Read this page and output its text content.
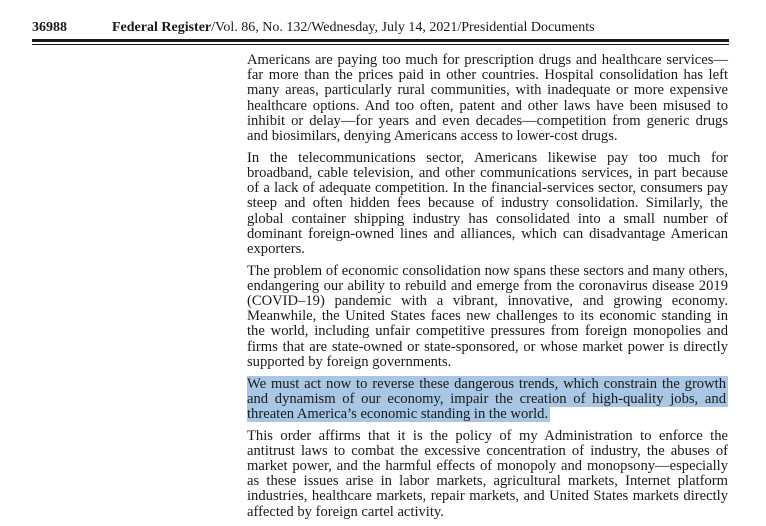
36988	Federal Register/Vol. 86, No. 132/Wednesday, July 14, 2021/Presidential Documents

Americans are paying too much for prescription drugs and healthcare services—far more than the prices paid in other countries. Hospital consolidation has left many areas, particularly rural communities, with inadequate or more expensive healthcare options. And too often, patent and other laws have been misused to inhibit or delay—for years and even decades—competition from generic drugs and biosimilars, denying Americans access to lower-cost drugs.

In the telecommunications sector, Americans likewise pay too much for broadband, cable television, and other communications services, in part because of a lack of adequate competition. In the financial-services sector, consumers pay steep and often hidden fees because of industry consolidation. Similarly, the global container shipping industry has consolidated into a small number of dominant foreign-owned lines and alliances, which can disadvantage American exporters.

The problem of economic consolidation now spans these sectors and many others, endangering our ability to rebuild and emerge from the coronavirus disease 2019 (COVID–19) pandemic with a vibrant, innovative, and growing economy. Meanwhile, the United States faces new challenges to its economic standing in the world, including unfair competitive pressures from foreign monopolies and firms that are state-owned or state-sponsored, or whose market power is directly supported by foreign governments.

We must act now to reverse these dangerous trends, which constrain the growth and dynamism of our economy, impair the creation of high-quality jobs, and threaten America’s economic standing in the world.

This order affirms that it is the policy of my Administration to enforce the antitrust laws to combat the excessive concentration of industry, the abuses of market power, and the harmful effects of monopoly and monopsony—especially as these issues arise in labor markets, agricultural markets, Internet platform industries, healthcare markets, repair markets, and United States markets directly affected by foreign cartel activity.
